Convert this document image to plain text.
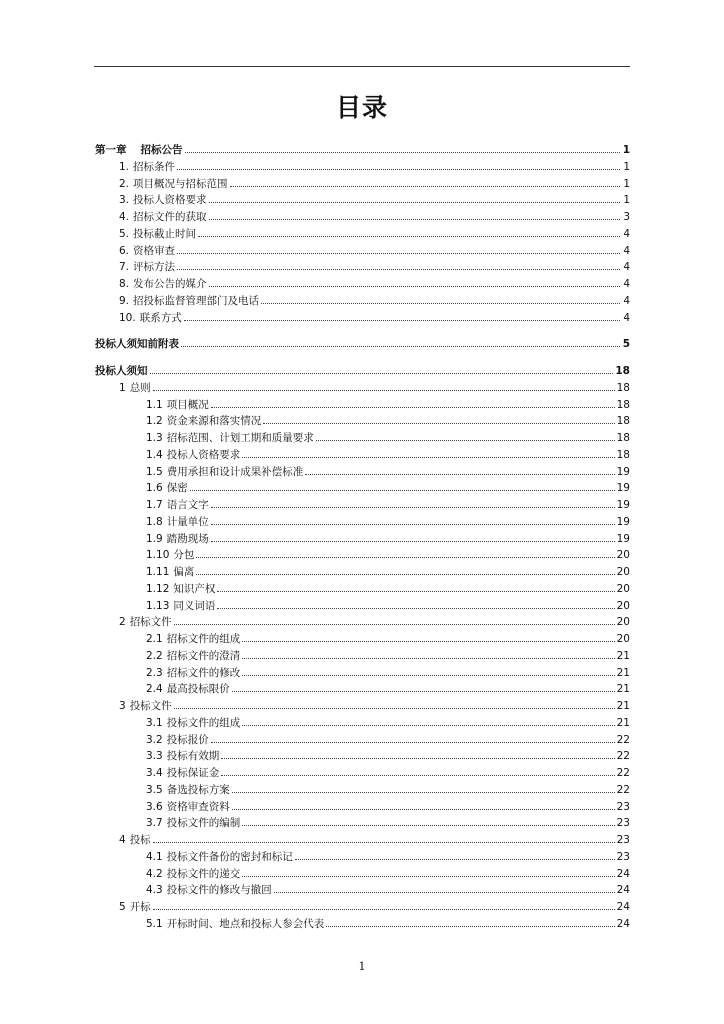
目录
第一章 招标公告	1
1. 招标条件	1
2. 项目概况与招标范围	1
3. 投标人资格要求	1
4. 招标文件的获取	3
5. 投标截止时间	4
6. 资格审查	4
7. 评标方法	4
8. 发布公告的媒介	4
9. 招投标监督管理部门及电话	4
10. 联系方式	4
投标人须知前附表	5
投标人须知	18
1 总则	18
1.1 项目概况	18
1.2 资金来源和落实情况	18
1.3 招标范围、计划工期和质量要求	18
1.4 投标人资格要求	18
1.5 费用承担和设计成果补偿标准	19
1.6 保密	19
1.7 语言文字	19
1.8 计量单位	19
1.9 踏勘现场	19
1.10 分包	20
1.11 偏离	20
1.12 知识产权	20
1.13 同义词语	20
2 招标文件	20
2.1 招标文件的组成	20
2.2 招标文件的澄清	21
2.3 招标文件的修改	21
2.4 最高投标限价	21
3 投标文件	21
3.1 投标文件的组成	21
3.2 投标报价	22
3.3 投标有效期	22
3.4 投标保证金	22
3.5 备选投标方案	22
3.6 资格审查资料	23
3.7 投标文件的编制	23
4 投标	23
4.1 投标文件备份的密封和标记	23
4.2 投标文件的递交	24
4.3 投标文件的修改与撤回	24
5 开标	24
5.1 开标时间、地点和投标人参会代表	24
1
